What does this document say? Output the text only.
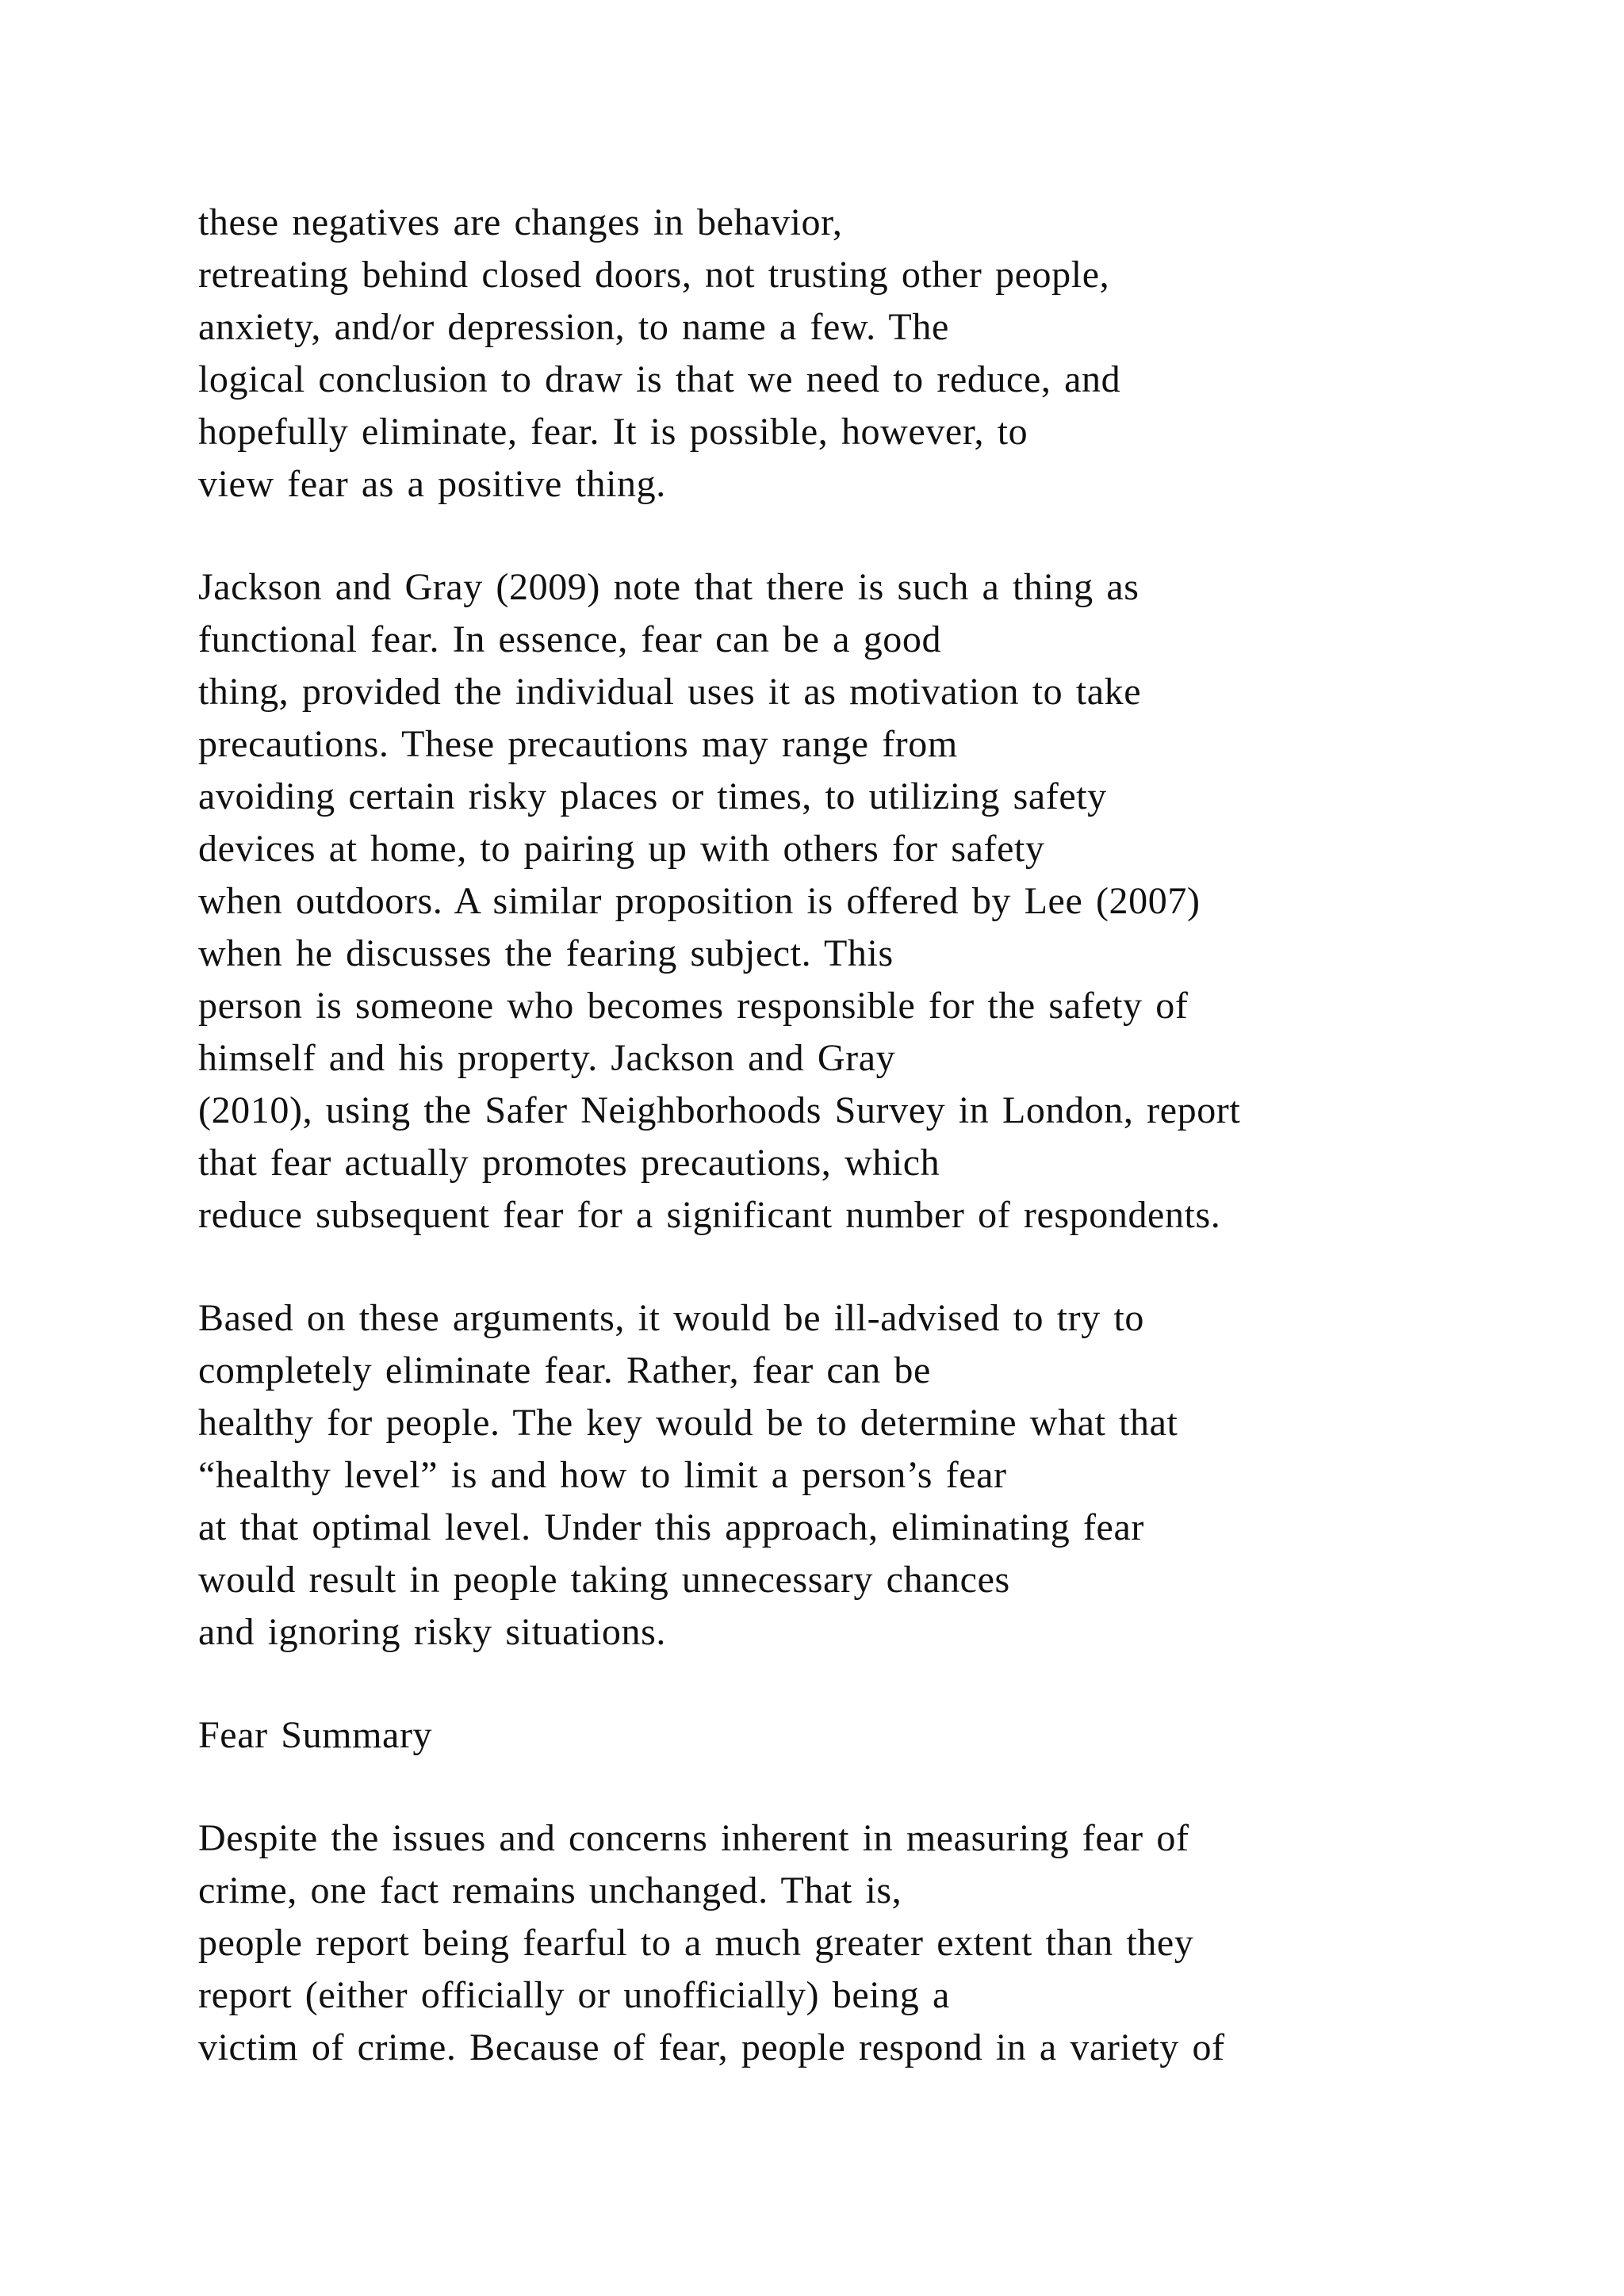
these negatives are changes in behavior,
retreating behind closed doors, not trusting other people,
anxiety, and/or depression, to name a few. The
logical conclusion to draw is that we need to reduce, and
hopefully eliminate, fear. It is possible, however, to
view fear as a positive thing.
Jackson and Gray (2009) note that there is such a thing as
functional fear. In essence, fear can be a good
thing, provided the individual uses it as motivation to take
precautions. These precautions may range from
avoiding certain risky places or times, to utilizing safety
devices at home, to pairing up with others for safety
when outdoors. A similar proposition is offered by Lee (2007)
when he discusses the fearing subject. This
person is someone who becomes responsible for the safety of
himself and his property. Jackson and Gray
(2010), using the Safer Neighborhoods Survey in London, report
that fear actually promotes precautions, which
reduce subsequent fear for a significant number of respondents.
Based on these arguments, it would be ill-advised to try to
completely eliminate fear. Rather, fear can be
healthy for people. The key would be to determine what that
“healthy level” is and how to limit a person’s fear
at that optimal level. Under this approach, eliminating fear
would result in people taking unnecessary chances
and ignoring risky situations.
Fear Summary
Despite the issues and concerns inherent in measuring fear of
crime, one fact remains unchanged. That is,
people report being fearful to a much greater extent than they
report (either officially or unofficially) being a
victim of crime. Because of fear, people respond in a variety of
